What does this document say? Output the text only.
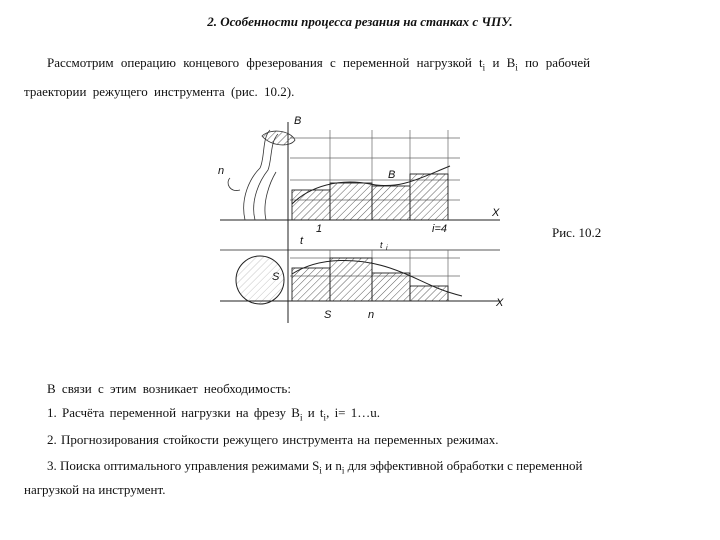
2. Особенности процесса резания на станках с ЧПУ.
Рассмотрим операцию концевого фрезерования с переменной нагрузкой $t_i$ и $B_i$ по рабочей
траектории режущего инструмента (рис. 10.2).
B
n	B
X
1	i=4
t	t i
S
X
S	n
Рис. 10.2
В связи с этим возникает необходимость:
1. Расчёта переменной нагрузки на фрезу $B_i$ и $t_i$, i= 1…u.
2. Прогнозирования стойкости режущего инструмента на переменных режимах.
3. Поиска оптимального управления режимами $S_i$ и $n_i$ для эффективной обработки с переменной
нагрузкой на инструмент.
